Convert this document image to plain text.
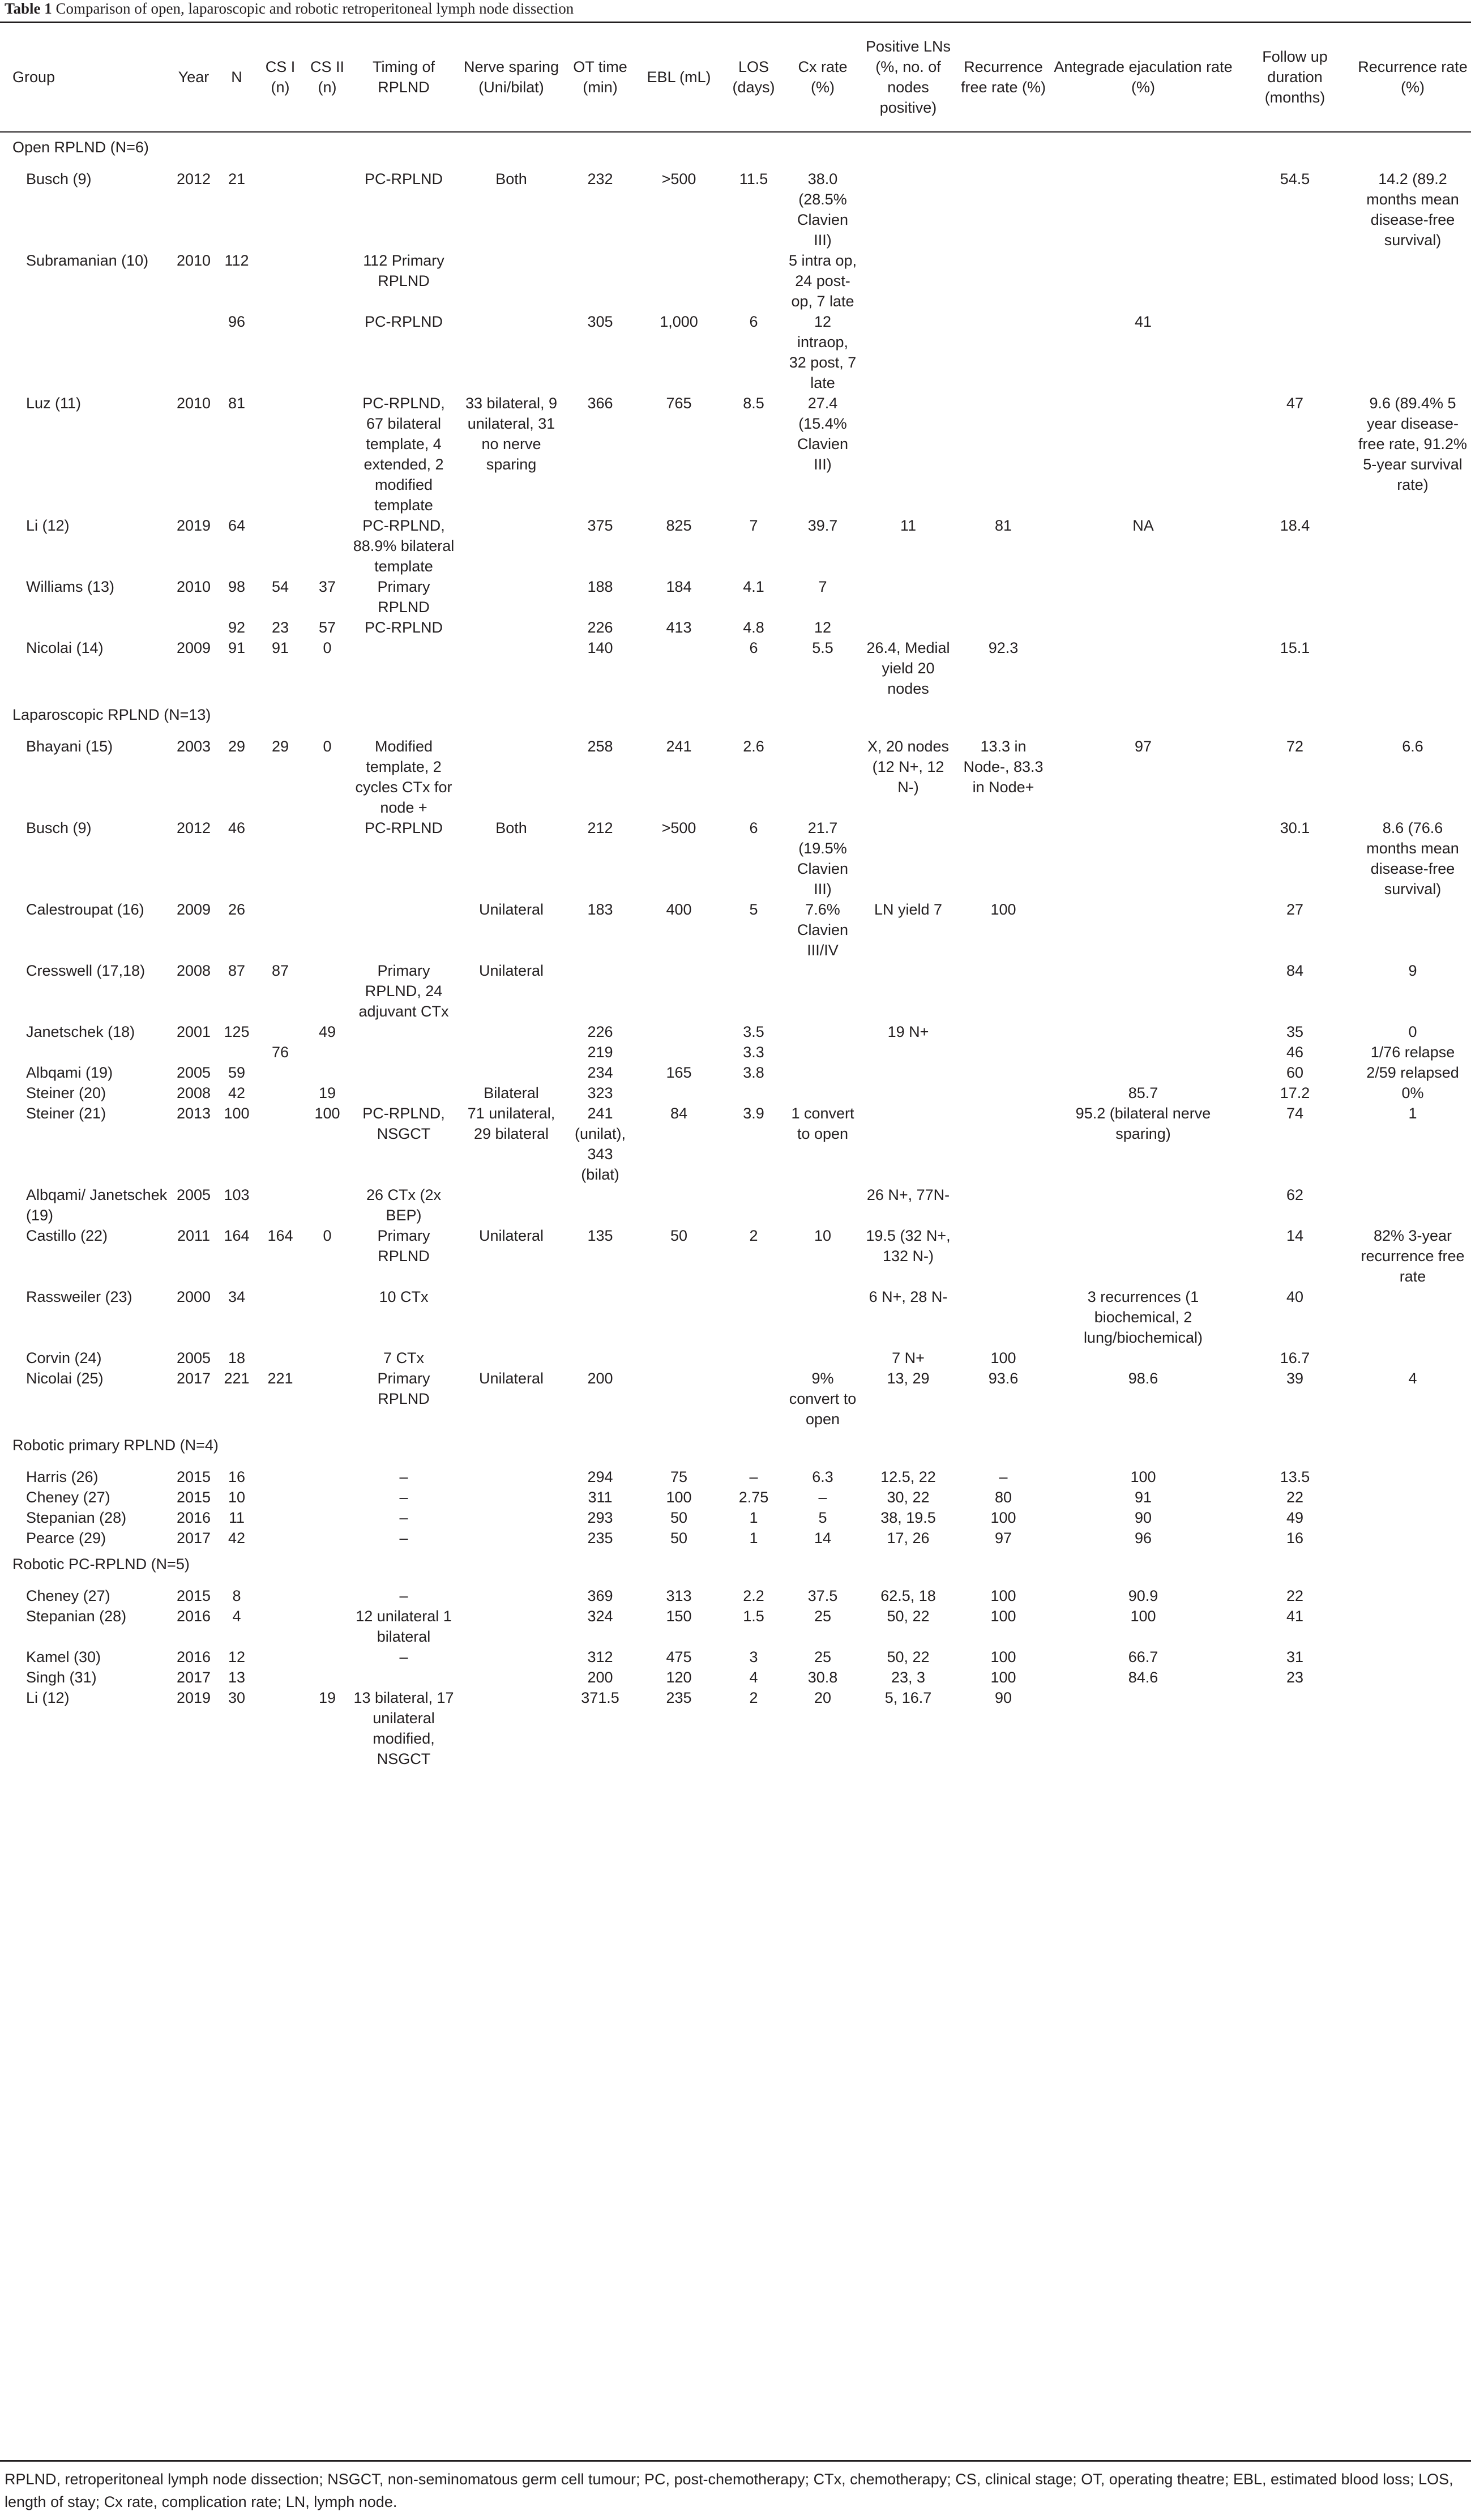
Table 1 Comparison of open, laparoscopic and robotic retroperitoneal lymph node dissection
Group	Year	N	CS I (n)	CS II (n)	Timing of RPLND	Nerve sparing (Uni/bilat)	OT time (min)	EBL (mL)	LOS (days)	Cx rate (%)	Positive LNs (%, no. of nodes positive)	Recurrence free rate (%)	Antegrade ejaculation rate (%)	Follow up duration (months)	Recurrence rate (%)
Open RPLND (N=6)															
Busch (9)	2012	21			PC-RPLND	Both	232	>500	11.5	38.0 (28.5% Clavien III)				54.5	14.2 (89.2 months mean disease-free survival)
Subramanian (10)	2010	112			112 Primary RPLND					5 intra op, 24 post-op, 7 late					
		96			PC-RPLND		305	1,000	6	12 intraop, 32 post, 7 late			41		
Luz (11)	2010	81			PC-RPLND, 67 bilateral template, 4 extended, 2 modified template	33 bilateral, 9 unilateral, 31 no nerve sparing	366	765	8.5	27.4 (15.4% Clavien III)				47	9.6 (89.4% 5 year disease-free rate, 91.2% 5-year survival rate)
Li (12)	2019	64			PC-RPLND, 88.9% bilateral template		375	825	7	39.7	11	81	NA	18.4	
Williams (13)	2010	98	54	37	Primary RPLND		188	184	4.1	7					
		92	23	57	PC-RPLND		226	413	4.8	12					
Nicolai (14)	2009	91	91	0			140		6	5.5	26.4, Medial yield 20 nodes	92.3		15.1	
Laparoscopic RPLND (N=13)															
Bhayani (15)	2003	29	29	0	Modified template, 2 cycles CTx for node +		258	241	2.6		X, 20 nodes (12 N+, 12 N-)	13.3 in Node-, 83.3 in Node+	97	72	6.6
Busch (9)	2012	46			PC-RPLND	Both	212	>500	6	21.7 (19.5% Clavien III)				30.1	8.6 (76.6 months mean disease-free survival)
Calestroupat (16)	2009	26				Unilateral	183	400	5	7.6% Clavien III/IV	LN yield 7	100		27	
Cresswell (17,18)	2008	87	87		Primary RPLND, 24 adjuvant CTx	Unilateral								84	9
Janetschek (18)	2001	125		49			226		3.5		19 N+			35	0
			76				219		3.3					46	1/76 relapse
Albqami (19)	2005	59					234	165	3.8					60	2/59 relapsed
Steiner (20)	2008	42		19		Bilateral	323						85.7	17.2	0%
Steiner (21)	2013	100		100	PC-RPLND, NSGCT	71 unilateral, 29 bilateral	241 (unilat), 343 (bilat)	84	3.9	1 convert to open			95.2 (bilateral nerve sparing)	74	1
Albqami/ Janetschek (19)	2005	103			26 CTx (2x BEP)						26 N+, 77N-			62	
Castillo (22)	2011	164	164	0	Primary RPLND	Unilateral	135	50	2	10	19.5 (32 N+, 132 N-)			14	82% 3-year recurrence free rate
Rassweiler (23)	2000	34			10 CTx						6 N+, 28 N-		3 recurrences (1 biochemical, 2 lung/biochemical)	40	
Corvin (24)	2005	18			7 CTx						7 N+	100		16.7	
Nicolai (25)	2017	221	221		Primary RPLND	Unilateral	200			9% convert to open	13, 29	93.6	98.6	39	4
Robotic primary RPLND (N=4)															
Harris (26)	2015	16			–		294	75	–	6.3	12.5, 22	–	100	13.5	
Cheney (27)	2015	10			–		311	100	2.75	–	30, 22	80	91	22	
Stepanian (28)	2016	11			–		293	50	1	5	38, 19.5	100	90	49	
Pearce (29)	2017	42			–		235	50	1	14	17, 26	97	96	16	
Robotic PC-RPLND (N=5)															
Cheney (27)	2015	8			–		369	313	2.2	37.5	62.5, 18	100	90.9	22	
Stepanian (28)	2016	4			12 unilateral 1 bilateral		324	150	1.5	25	50, 22	100	100	41	
Kamel (30)	2016	12			–		312	475	3	25	50, 22	100	66.7	31	
Singh (31)	2017	13					200	120	4	30.8	23, 3	100	84.6	23	
Li (12)	2019	30		19	13 bilateral, 17 unilateral modified, NSGCT		371.5	235	2	20	5, 16.7	90			
RPLND, retroperitoneal lymph node dissection; NSGCT, non-seminomatous germ cell tumour; PC, post-chemotherapy; CTx, chemotherapy; CS, clinical stage; OT, operating theatre; EBL, estimated blood loss; LOS, length of stay; Cx rate, complication rate; LN, lymph node.
